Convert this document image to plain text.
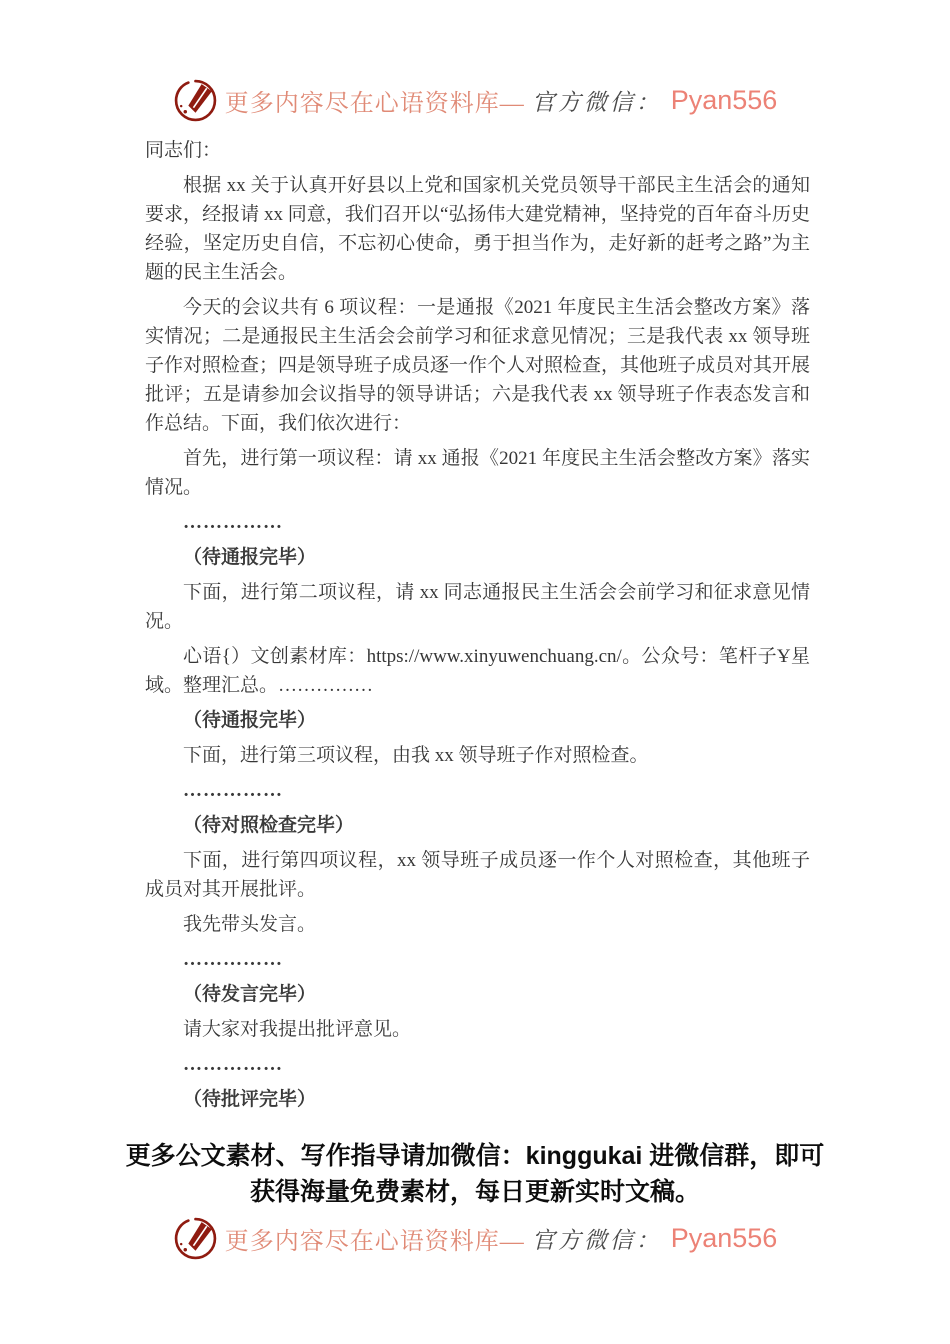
更多内容尽在心语资料库— 官方微信： Pyan556

同志们：

根据 xx 关于认真开好县以上党和国家机关党员领导干部民主生活会的通知要求，经报请 xx 同意，我们召开以“弘扬伟大建党精神，坚持党的百年奋斗历史经验，坚定历史自信，不忘初心使命，勇于担当作为，走好新的赶考之路”为主题的民主生活会。

今天的会议共有 6 项议程：一是通报《2021 年度民主生活会整改方案》落实情况；二是通报民主生活会会前学习和征求意见情况；三是我代表 xx 领导班子作对照检查；四是领导班子成员逐一作个人对照检查，其他班子成员对其开展批评；五是请参加会议指导的领导讲话；六是我代表 xx 领导班子作表态发言和作总结。下面，我们依次进行：

首先，进行第一项议程：请 xx 通报《2021 年度民主生活会整改方案》落实情况。

……………

（待通报完毕）

下面，进行第二项议程，请 xx 同志通报民主生活会会前学习和征求意见情况。

心语{）文创素材库：https://www.xinyuwenchuang.cn/。公众号：笔杆子Ұ星域。整理汇总。……………

（待通报完毕）

下面，进行第三项议程，由我 xx 领导班子作对照检查。

……………

（待对照检查完毕）

下面，进行第四项议程，xx 领导班子成员逐一作个人对照检查，其他班子成员对其开展批评。

我先带头发言。

……………

（待发言完毕）

请大家对我提出批评意见。

……………

（待批评完毕）

更多公文素材、写作指导请加微信：kinggukai 进微信群，即可
获得海量免费素材，每日更新实时文稿。
更多内容尽在心语资料库— 官方微信： Pyan556
